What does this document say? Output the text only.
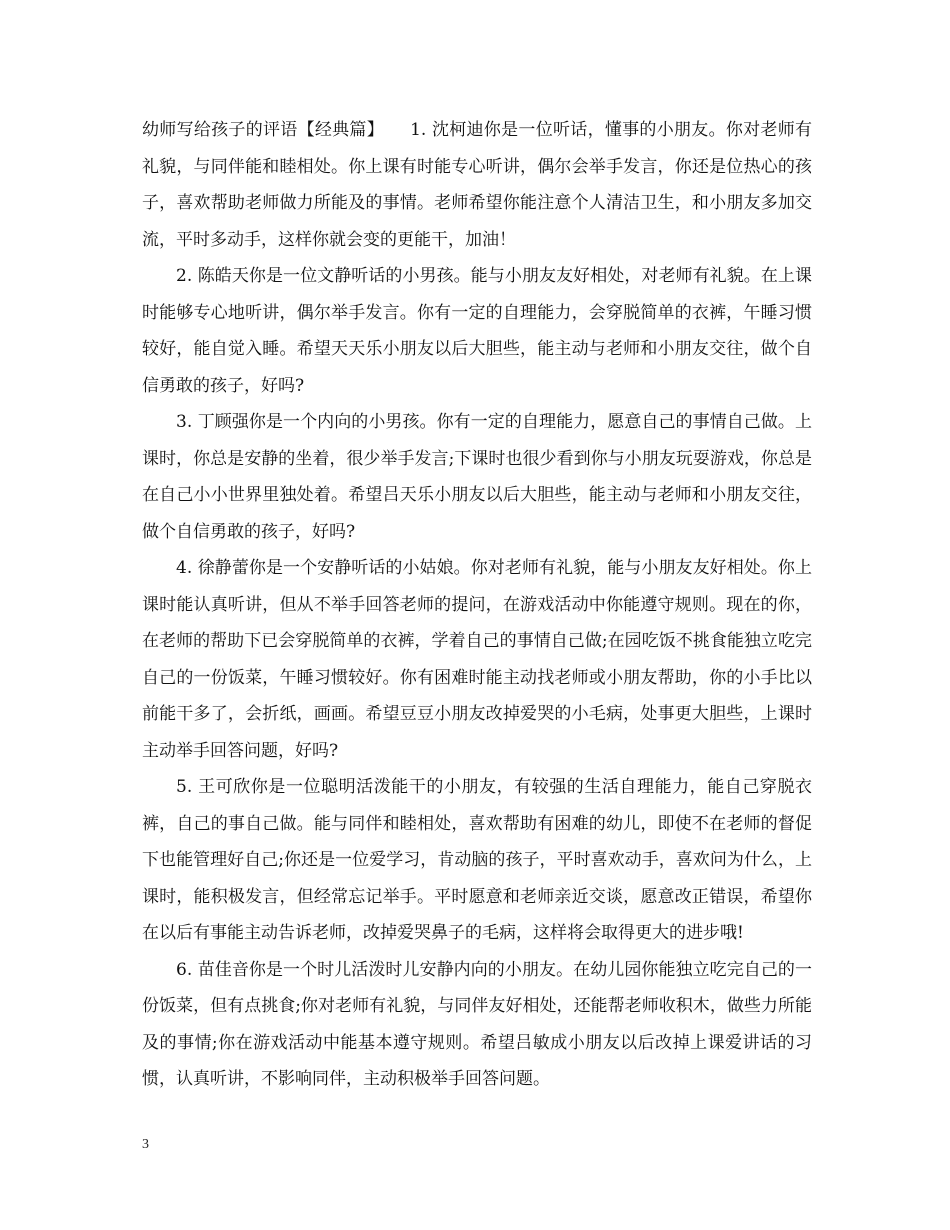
幼师写给孩子的评语【经典篇】　　1. 沈柯迪你是一位听话，懂事的小朋友。你对老师有礼貌，与同伴能和睦相处。你上课有时能专心听讲，偶尔会举手发言，你还是位热心的孩子，喜欢帮助老师做力所能及的事情。老师希望你能注意个人清洁卫生，和小朋友多加交流，平时多动手，这样你就会变的更能干，加油！

2. 陈皓天你是一位文静听话的小男孩。能与小朋友友好相处，对老师有礼貌。在上课时能够专心地听讲，偶尔举手发言。你有一定的自理能力，会穿脱简单的衣裤，午睡习惯较好，能自觉入睡。希望天天乐小朋友以后大胆些，能主动与老师和小朋友交往，做个自信勇敢的孩子，好吗?

3. 丁顾强你是一个内向的小男孩。你有一定的自理能力，愿意自己的事情自己做。上课时，你总是安静的坐着，很少举手发言;下课时也很少看到你与小朋友玩耍游戏，你总是在自己小小世界里独处着。希望吕天乐小朋友以后大胆些，能主动与老师和小朋友交往，做个自信勇敢的孩子，好吗?

4. 徐静蕾你是一个安静听话的小姑娘。你对老师有礼貌，能与小朋友友好相处。你上课时能认真听讲，但从不举手回答老师的提问，在游戏活动中你能遵守规则。现在的你，在老师的帮助下已会穿脱简单的衣裤，学着自己的事情自己做;在园吃饭不挑食能独立吃完自己的一份饭菜，午睡习惯较好。你有困难时能主动找老师或小朋友帮助，你的小手比以前能干多了，会折纸，画画。希望豆豆小朋友改掉爱哭的小毛病，处事更大胆些，上课时主动举手回答问题，好吗?

5. 王可欣你是一位聪明活泼能干的小朋友，有较强的生活自理能力，能自己穿脱衣裤，自己的事自己做。能与同伴和睦相处，喜欢帮助有困难的幼儿，即使不在老师的督促下也能管理好自己;你还是一位爱学习，肯动脑的孩子，平时喜欢动手，喜欢问为什么，上课时，能积极发言，但经常忘记举手。平时愿意和老师亲近交谈，愿意改正错误，希望你在以后有事能主动告诉老师，改掉爱哭鼻子的毛病，这样将会取得更大的进步哦!

6. 苗佳音你是一个时儿活泼时儿安静内向的小朋友。在幼儿园你能独立吃完自己的一份饭菜，但有点挑食;你对老师有礼貌，与同伴友好相处，还能帮老师收积木，做些力所能及的事情;你在游戏活动中能基本遵守规则。希望吕敏成小朋友以后改掉上课爱讲话的习惯，认真听讲，不影响同伴，主动积极举手回答问题。

3
